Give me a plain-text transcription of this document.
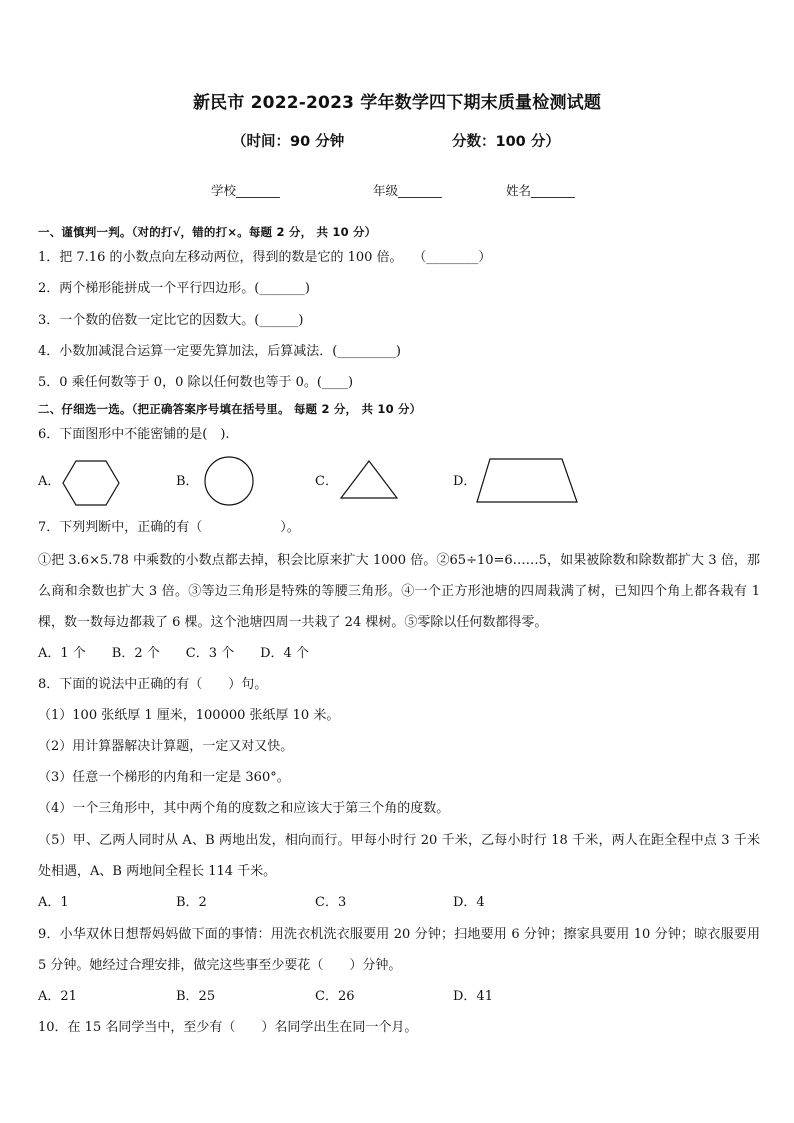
新民市 2022-2023 学年数学四下期末质量检测试题
（时间：90 分钟	分数：100 分）
学校_______	年级_______	姓名_______
一、谨慎判一判。（对的打√，错的打×。每题 2 分， 共 10 分）
1．把 7.16 的小数点向左移动两位，得到的数是它的 100 倍。　 （________）
2．两个梯形能拼成一个平行四边形。(_______)
3．一个数的倍数一定比它的因数大。(______)
4．小数加减混合运算一定要先算加法，后算减法．(_________)
5．0 乘任何数等于 0，0 除以任何数也等于 0。(____)
二、仔细选一选。（把正确答案序号填在括号里。 每题 2 分， 共 10 分）
6．下面图形中不能密铺的是(　).
A．	B．	C．	D．
7．下列判断中，正确的有（　　　　　　）。
①把 3.6×5.78 中乘数的小数点都去掉，积会比原来扩大 1000 倍。②65÷10=6……5，如果被除数和除数都扩大 3 倍，那么商和余数也扩大 3 倍。③等边三角形是特殊的等腰三角形。④一个正方形池塘的四周栽满了树，已知四个角上都各栽有 1 棵，数一数每边都栽了 6 棵。这个池塘四周一共栽了 24 棵树。⑤零除以任何数都得零。
A．1 个　　B．2 个　　C．3 个　　D．4 个
8．下面的说法中正确的有（　　）句。
（1）100 张纸厚 1 厘米，100000 张纸厚 10 米。
（2）用计算器解决计算题，一定又对又快。
（3）任意一个梯形的内角和一定是 360°。
（4）一个三角形中，其中两个角的度数之和应该大于第三个角的度数。
（5）甲、乙两人同时从 A、B 两地出发，相向而行。甲每小时行 20 千米，乙每小时行 18 千米，两人在距全程中点 3 千米处相遇，A、B 两地间全程长 114 千米。
A．1	B．2	C．3	D．4
9．小华双休日想帮妈妈做下面的事情：用洗衣机洗衣服要用 20 分钟；扫地要用 6 分钟；擦家具要用 10 分钟；晾衣服要用 5 分钟。她经过合理安排，做完这些事至少要花（　　）分钟。
A．21	B．25	C．26	D．41
10．在 15 名同学当中，至少有（　　）名同学出生在同一个月。
